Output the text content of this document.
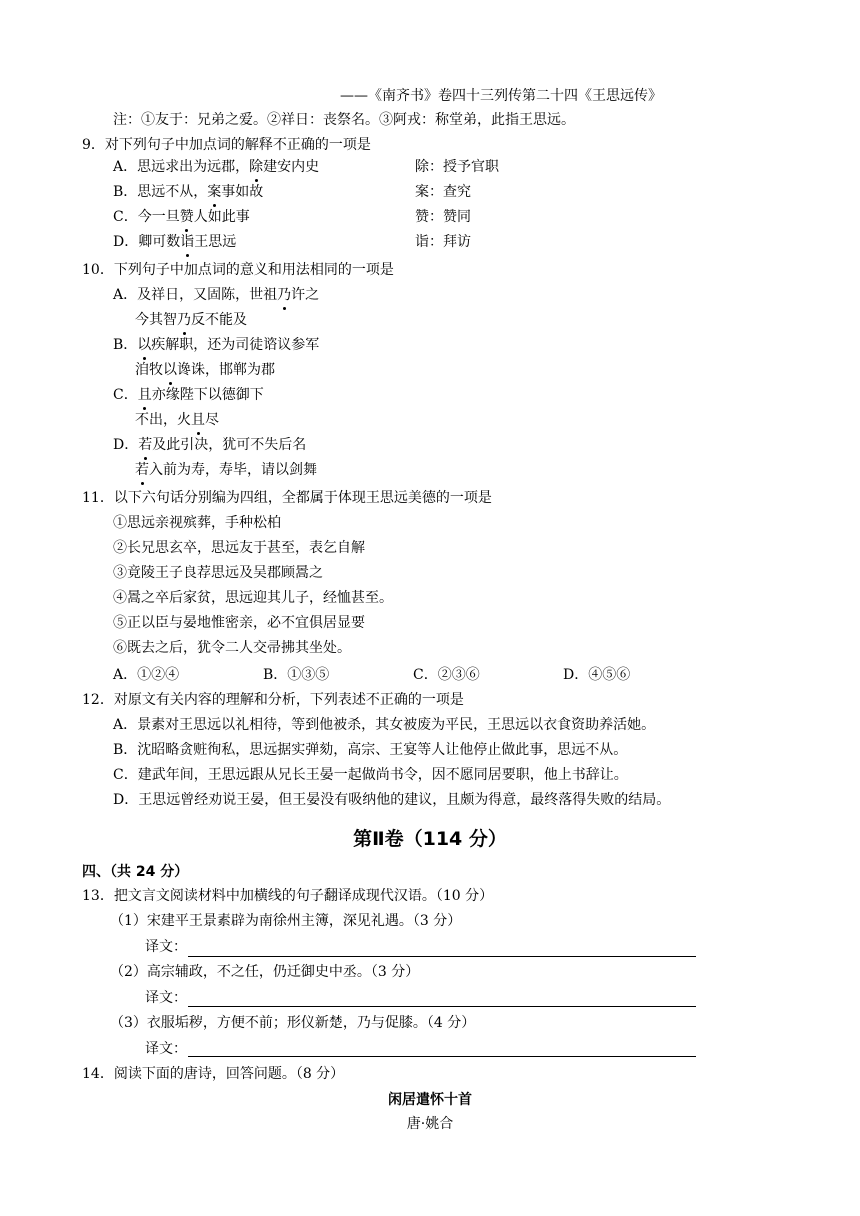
——《南齐书》卷四十三列传第二十四《王思远传》
注：①友于：兄弟之爱。②祥日：丧祭名。③阿戎：称堂弟，此指王思远。
9．对下列句子中加点词的解释不正确的一项是
A．思远求出为远郡，除建安内史	除：授予官职
B．思远不从，案事如故	案：查究
C．今一旦赞人如此事	赞：赞同
D．卿可数诣王思远	诣：拜访
10．下列句子中加点词的意义和用法相同的一项是
A．及祥日，又固陈，世祖乃许之
今其智乃反不能及
B．以疾解职，还为司徒谘议参军
洎牧以谗诛，邯郸为郡
C．且亦缘陛下以德御下
不出，火且尽
D．若及此引决，犹可不失后名
若入前为寿，寿毕，请以剑舞
11．以下六句话分别编为四组，全都属于体现王思远美德的一项是
①思远亲视殡葬，手种松柏
②长兄思玄卒，思远友于甚至，表乞自解
③竟陵王子良荐思远及吴郡顾暠之
④暠之卒后家贫，思远迎其儿子，经恤甚至。
⑤正以臣与晏地惟密亲，必不宜俱居显要
⑥既去之后，犹令二人交帚拂其坐处。
A．①②④	B．①③⑤	C．②③⑥	D．④⑤⑥
12．对原文有关内容的理解和分析，下列表述不正确的一项是
A．景素对王思远以礼相待，等到他被杀，其女被废为平民，王思远以衣食资助养活她。
B．沈昭略贪赃徇私，思远据实弹劾，高宗、王宴等人让他停止做此事，思远不从。
C．建武年间，王思远跟从兄长王晏一起做尚书令，因不愿同居要职，他上书辞让。
D．王思远曾经劝说王晏，但王晏没有吸纳他的建议，且颇为得意，最终落得失败的结局。
第Ⅱ卷（114 分）
四、（共 24 分）
13．把文言文阅读材料中加横线的句子翻译成现代汉语。（10 分）
（1）宋建平王景素辟为南徐州主簿，深见礼遇。（3 分）
译文：
（2）高宗辅政，不之任，仍迁御史中丞。（3 分）
译文：
（3）衣服垢秽，方便不前；形仪新楚，乃与促膝。（4 分）
译文：
14．阅读下面的唐诗，回答问题。（8 分）
闲居遣怀十首
唐·姚合
